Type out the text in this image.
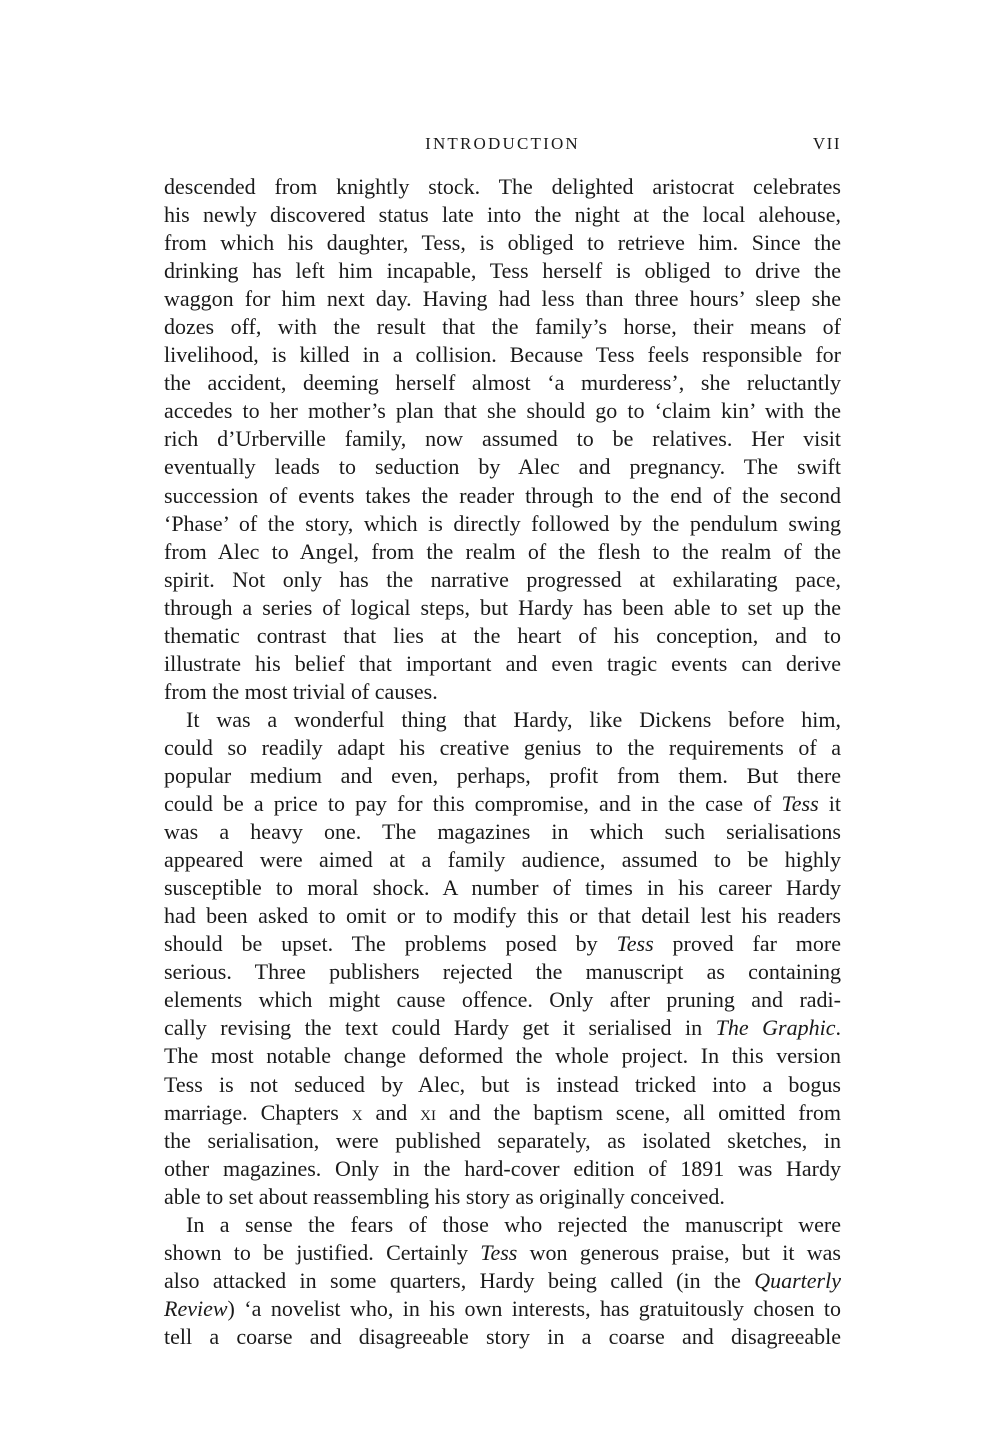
INTRODUCTION	VII
descended from knightly stock. The delighted aristocrat celebrates
his newly discovered status late into the night at the local alehouse,
from which his daughter, Tess, is obliged to retrieve him. Since the
drinking has left him incapable, Tess herself is obliged to drive the
waggon for him next day. Having had less than three hours’ sleep she
dozes off, with the result that the family’s horse, their means of
livelihood, is killed in a collision. Because Tess feels responsible for
the accident, deeming herself almost ‘a murderess’, she reluctantly
accedes to her mother’s plan that she should go to ‘claim kin’ with the
rich d’Urberville family, now assumed to be relatives. Her visit
eventually leads to seduction by Alec and pregnancy. The swift
succession of events takes the reader through to the end of the second
‘Phase’ of the story, which is directly followed by the pendulum swing
from Alec to Angel, from the realm of the flesh to the realm of the
spirit. Not only has the narrative progressed at exhilarating pace,
through a series of logical steps, but Hardy has been able to set up the
thematic contrast that lies at the heart of his conception, and to
illustrate his belief that important and even tragic events can derive
from the most trivial of causes.
It was a wonderful thing that Hardy, like Dickens before him,
could so readily adapt his creative genius to the requirements of a
popular medium and even, perhaps, profit from them. But there
could be a price to pay for this compromise, and in the case of Tess it
was a heavy one. The magazines in which such serialisations
appeared were aimed at a family audience, assumed to be highly
susceptible to moral shock. A number of times in his career Hardy
had been asked to omit or to modify this or that detail lest his readers
should be upset. The problems posed by Tess proved far more
serious. Three publishers rejected the manuscript as containing
elements which might cause offence. Only after pruning and radi-
cally revising the text could Hardy get it serialised in The Graphic.
The most notable change deformed the whole project. In this version
Tess is not seduced by Alec, but is instead tricked into a bogus
marriage. Chapters x and xi and the baptism scene, all omitted from
the serialisation, were published separately, as isolated sketches, in
other magazines. Only in the hard-cover edition of 1891 was Hardy
able to set about reassembling his story as originally conceived.
In a sense the fears of those who rejected the manuscript were
shown to be justified. Certainly Tess won generous praise, but it was
also attacked in some quarters, Hardy being called (in the Quarterly
Review) ‘a novelist who, in his own interests, has gratuitously chosen to
tell a coarse and disagreeable story in a coarse and disagreeable
